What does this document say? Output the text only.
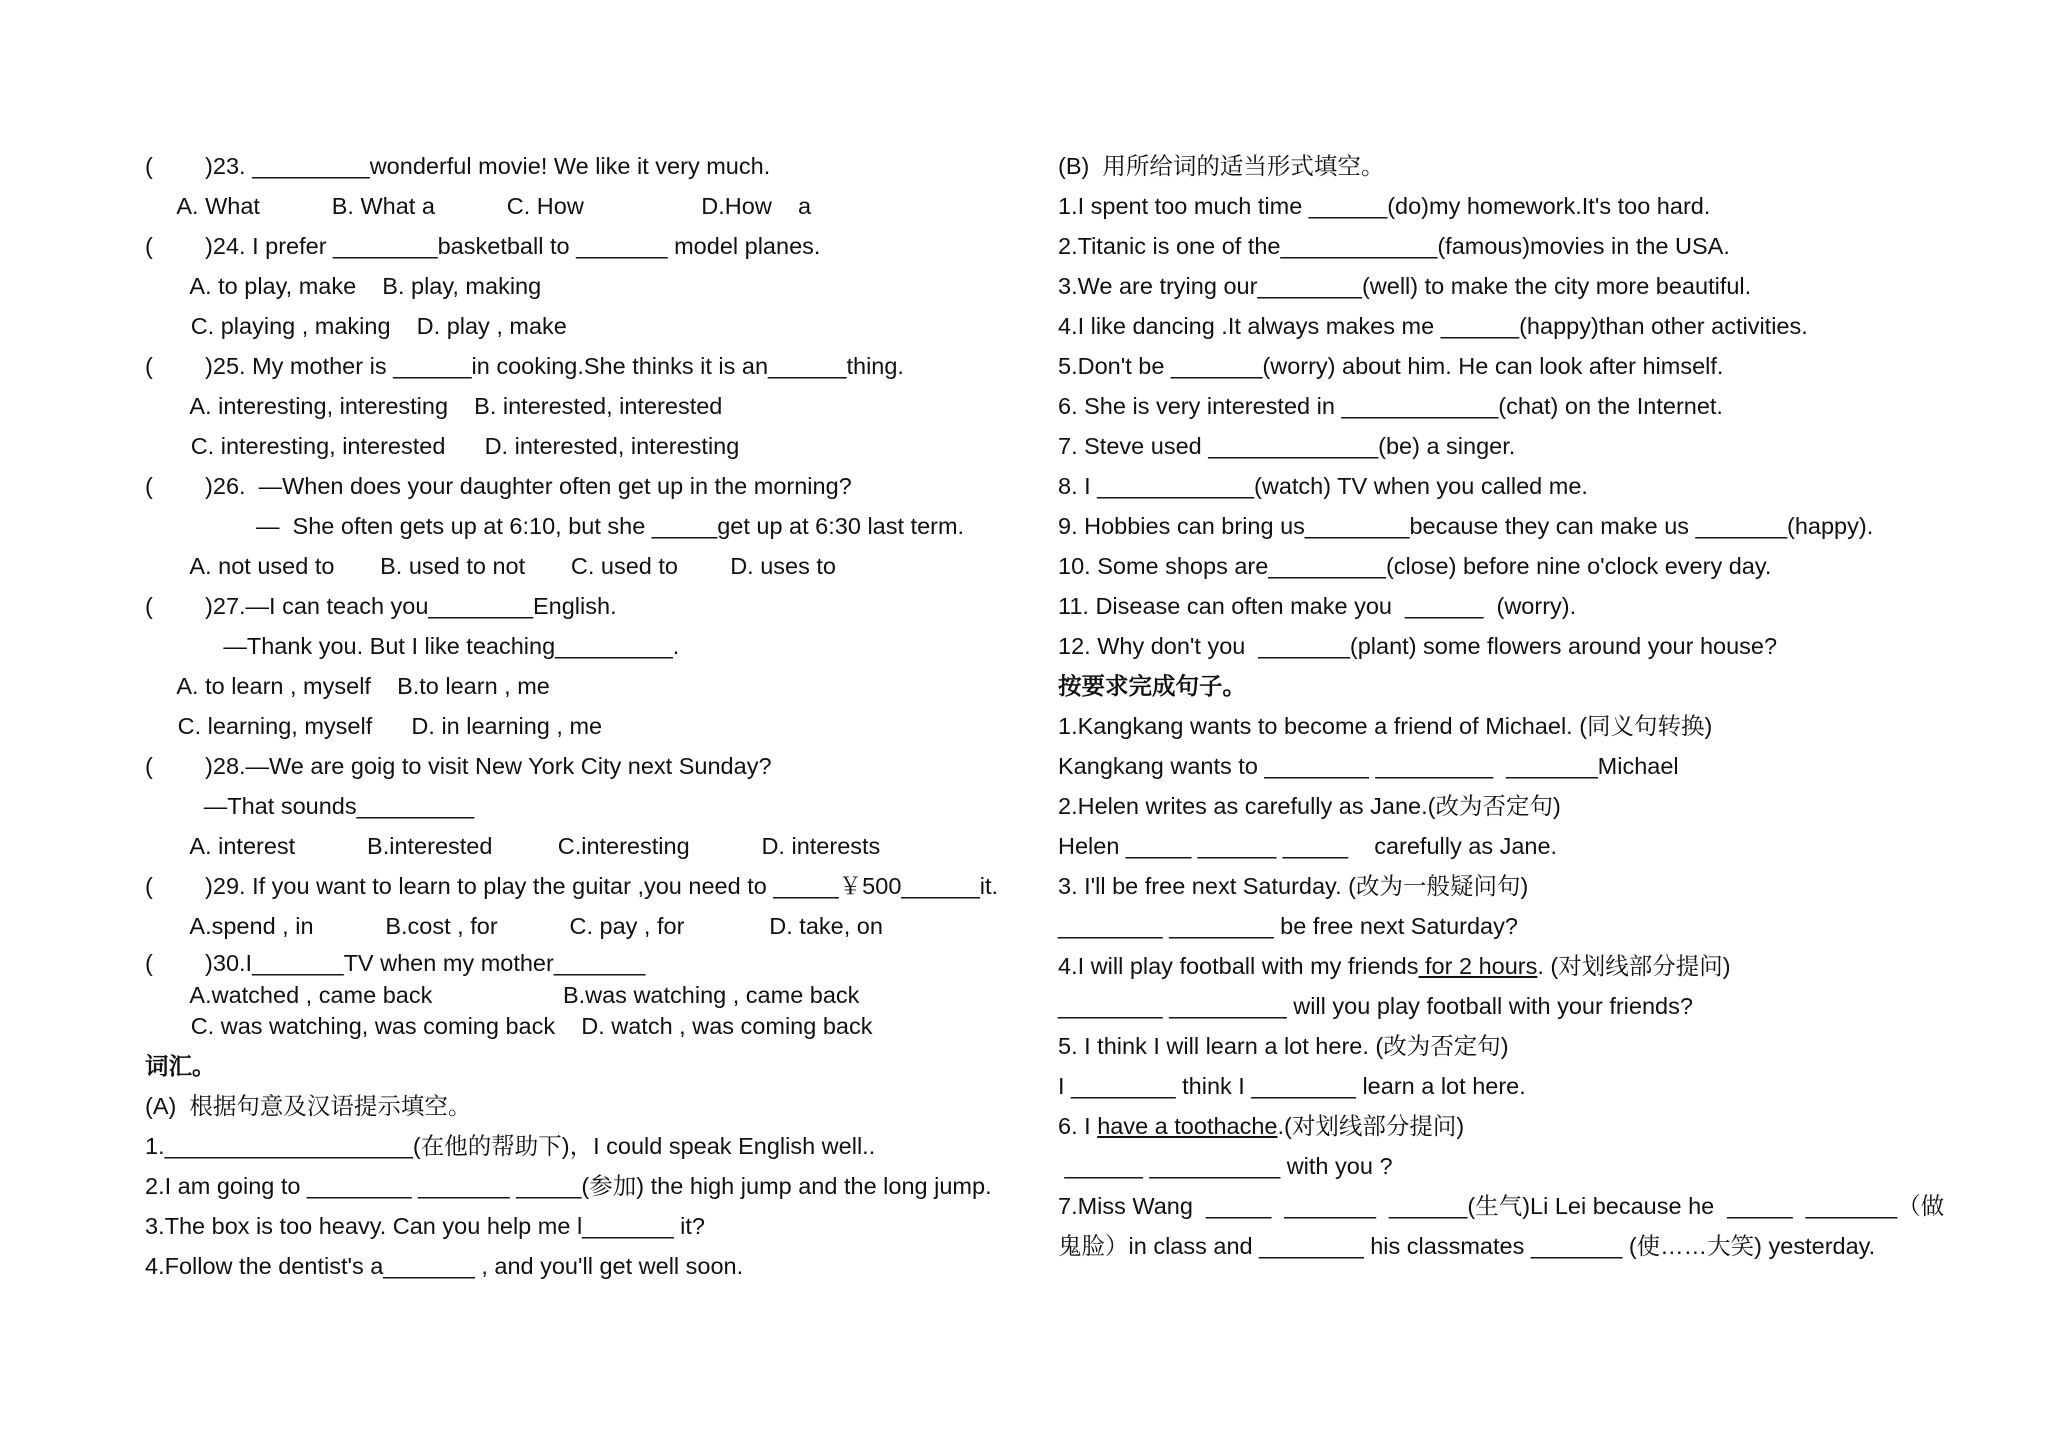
(        )23. _________wonderful movie! We like it very much.
A. What           B. What a           C. How                  D.How    a
(        )24. I prefer ________basketball to _______ model planes.
A. to play, make    B. play, making
C. playing , making    D. play , make
(        )25. My mother is ______in cooking.She thinks it is an______thing.
A. interesting, interesting    B. interested, interested
C. interesting, interested      D. interested, interesting
(        )26.  —When does your daughter often get up in the morning?
—  She often gets up at 6:10, but she _____get up at 6:30 last term.
A. not used to       B. used to not       C. used to        D. uses to
(        )27.—I can teach you________English.
—Thank you. But I like teaching_________.
A. to learn , myself    B.to learn , me
C. learning, myself      D. in learning , me
(        )28.—We are goig to visit New York City next Sunday?
—That sounds_________
A. interest           B.interested          C.interesting           D. interests
(        )29. If you want to learn to play the guitar ,you need to _____￥500______it.
A.spend , in           B.cost , for           C. pay , for             D. take, on
(        )30.I_______TV when my mother_______
A.watched , came back                    B.was watching , came back
C. was watching, was coming back    D. watch , was coming back
词汇。
(A)  根据句意及汉语提示填空。
1.___________________(在他的帮助下)，I could speak English well..
2.I am going to ________ _______ _____(参加) the high jump and the long jump.
3.The box is too heavy. Can you help me l_______ it?
4.Follow the dentist's a_______ , and you'll get well soon.
(B)  用所给词的适当形式填空。
1.I spent too much time ______(do)my homework.It's too hard.
2.Titanic is one of the____________(famous)movies in the USA.
3.We are trying our________(well) to make the city more beautiful.
4.I like dancing .It always makes me ______(happy)than other activities.
5.Don't be _______(worry) about him. He can look after himself.
6. She is very interested in ____________(chat) on the Internet.
7. Steve used _____________(be) a singer.
8. I ____________(watch) TV when you called me.
9. Hobbies can bring us________because they can make us _______(happy).
10. Some shops are_________(close) before nine o'clock every day.
11. Disease can often make you  ______  (worry).
12. Why don't you  _______(plant) some flowers around your house?
按要求完成句子。
1.Kangkang wants to become a friend of Michael. (同义句转换)
Kangkang wants to ________ _________  _______Michael
2.Helen writes as carefully as Jane.(改为否定句)
Helen _____ ______ _____    carefully as Jane.
3. I'll be free next Saturday. (改为一般疑问句)
________ ________ be free next Saturday?
4.I will play football with my friends for 2 hours. (对划线部分提问)
________ _________ will you play football with your friends?
5. I think I will learn a lot here. (改为否定句)
I ________ think I ________ learn a lot here.
6. I have a toothache.(对划线部分提问)
______ __________ with you ?
7.Miss Wang  _____  _______  ______(生气)Li Lei because he  _____  _______（做
鬼脸）in class and ________ his classmates _______ (使……大笑) yesterday.
